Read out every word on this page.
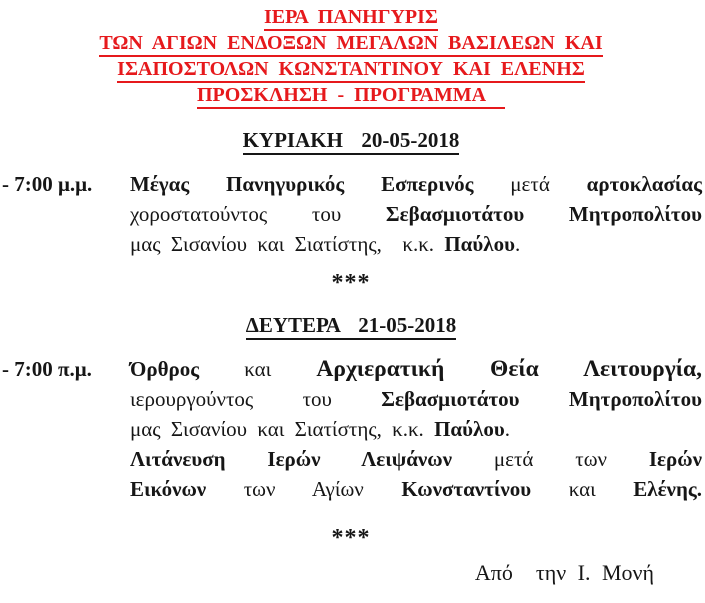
ΙΕΡΑ ΠΑΝΗΓΥΡΙΣ
ΤΩΝ ΑΓΙΩΝ ΕΝΔΟΞΩΝ ΜΕΓΑΛΩΝ ΒΑΣΙΛΕΩΝ ΚΑΙ
ΙΣΑΠΟΣΤΟΛΩΝ ΚΩΝΣΤΑΝΤΙΝΟΥ ΚΑΙ ΕΛΕΝΗΣ
ΠΡΟΣΚΛΗΣΗ - ΠΡΟΓΡΑΜΜΑ
ΚΥΡΙΑΚΗ  20-05-2018
- 7:00 μ.μ. Μέγας Πανηγυρικός Εσπερινός μετά αρτοκλασίας
χοροστατούντος του Σεβασμιοτάτου Μητροπολίτου
μας Σισανίου και Σιατίστης,  κ.κ. Παύλου.
***
ΔΕΥΤΕΡΑ  21-05-2018
- 7:00 π.μ. Όρθρος και Αρχιερατική Θεία Λειτουργία,
ιερουργούντος του Σεβασμιοτάτου Μητροπολίτου
μας Σισανίου και Σιατίστης, κ.κ. Παύλου.
Λιτάνευση Ιερών Λειψάνων μετά των Ιερών
Εικόνων των Αγίων Κωνσταντίνου και Ελένης.
***
Από  την Ι. Μονή
